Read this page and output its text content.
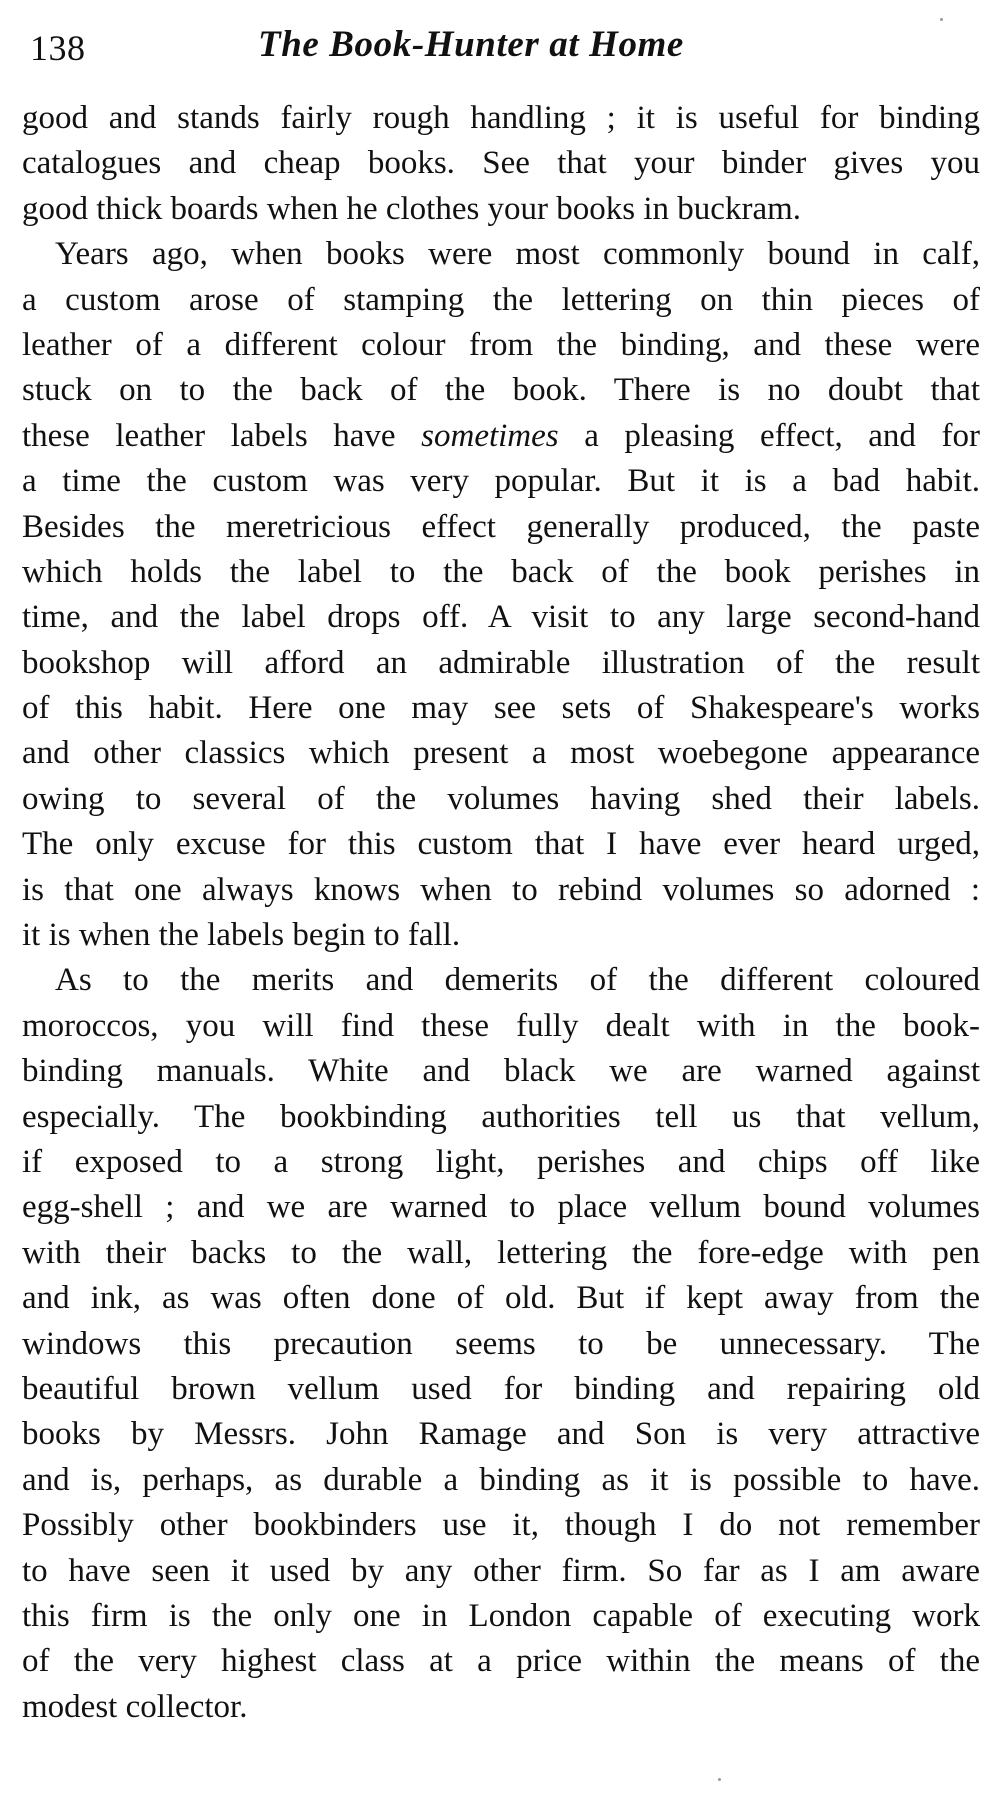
138	The Book-Hunter at Home
good and stands fairly rough handling ; it is useful for binding
catalogues and cheap books. See that your binder gives you
good thick boards when he clothes your books in buckram.
Years ago, when books were most commonly bound in calf,
a custom arose of stamping the lettering on thin pieces of
leather of a different colour from the binding, and these were
stuck on to the back of the book. There is no doubt that
these leather labels have sometimes a pleasing effect, and for
a time the custom was very popular. But it is a bad habit.
Besides the meretricious effect generally produced, the paste
which holds the label to the back of the book perishes in
time, and the label drops off. A visit to any large second-hand
bookshop will afford an admirable illustration of the result
of this habit. Here one may see sets of Shakespeare's works
and other classics which present a most woebegone appearance
owing to several of the volumes having shed their labels.
The only excuse for this custom that I have ever heard urged,
is that one always knows when to rebind volumes so adorned :
it is when the labels begin to fall.
As to the merits and demerits of the different coloured
moroccos, you will find these fully dealt with in the book-
binding manuals. White and black we are warned against
especially. The bookbinding authorities tell us that vellum,
if exposed to a strong light, perishes and chips off like
egg-shell ; and we are warned to place vellum bound volumes
with their backs to the wall, lettering the fore-edge with pen
and ink, as was often done of old. But if kept away from the
windows this precaution seems to be unnecessary. The
beautiful brown vellum used for binding and repairing old
books by Messrs. John Ramage and Son is very attractive
and is, perhaps, as durable a binding as it is possible to have.
Possibly other bookbinders use it, though I do not remember
to have seen it used by any other firm. So far as I am aware
this firm is the only one in London capable of executing work
of the very highest class at a price within the means of the
modest collector.
